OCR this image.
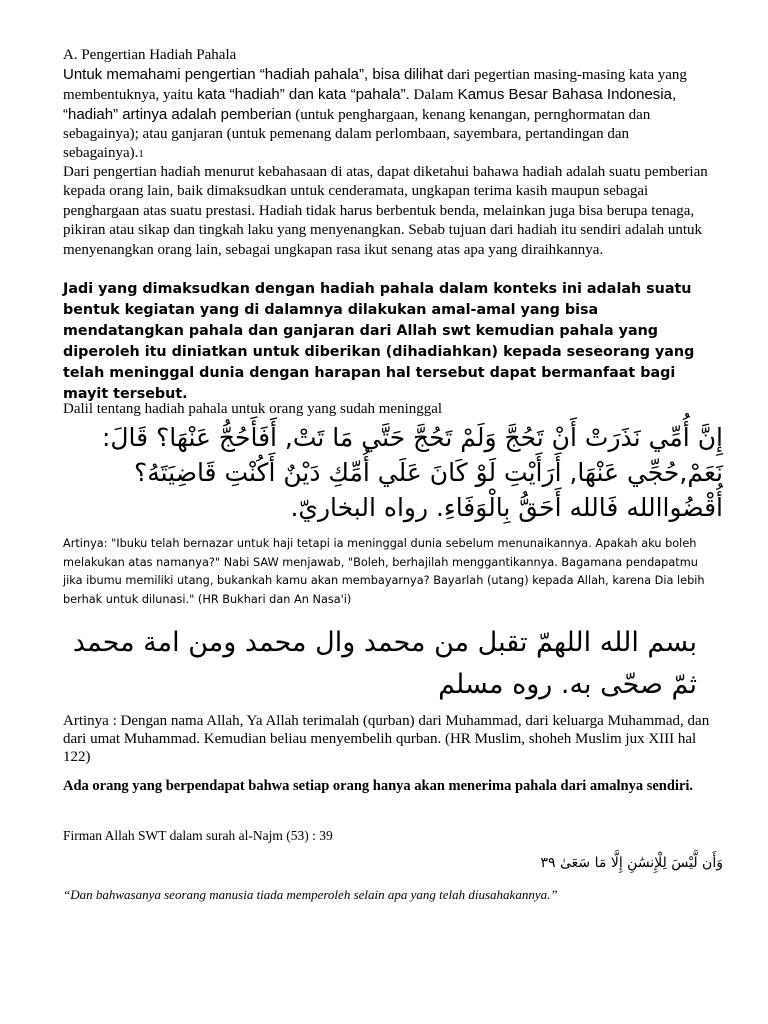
A. Pengertian Hadiah Pahala

Untuk memahami pengertian “hadiah pahala”, bisa dilihat dari pegertian masing-masing kata yang membentuknya, yaitu kata “hadiah” dan kata “pahala”. Dalam Kamus Besar Bahasa Indonesia, “hadiah” artinya adalah pemberian (untuk penghargaan, kenang kenangan, pernghormatan dan sebagainya); atau ganjaran (untuk pemenang dalam perlombaan, sayembara, pertandingan dan sebagainya).1

Dari pengertian hadiah menurut kebahasaan di atas, dapat diketahui bahawa hadiah adalah suatu pemberian kepada orang lain, baik dimaksudkan untuk cenderamata, ungkapan terima kasih maupun sebagai penghargaan atas suatu prestasi. Hadiah tidak harus berbentuk benda, melainkan juga bisa berupa tenaga, pikiran atau sikap dan tingkah laku yang menyenangkan. Sebab tujuan dari hadiah itu sendiri adalah untuk menyenangkan orang lain, sebagai ungkapan rasa ikut senang atas apa yang diraihkannya.

Jadi yang dimaksudkan dengan hadiah pahala dalam konteks ini adalah suatu bentuk kegiatan yang di dalamnya dilakukan amal-amal yang bisa mendatangkan pahala dan ganjaran dari Allah swt kemudian pahala yang diperoleh itu diniatkan untuk diberikan (dihadiahkan) kepada seseorang yang telah meninggal dunia dengan harapan hal tersebut dapat bermanfaat bagi mayit tersebut.

Dalil tentang hadiah pahala untuk orang yang sudah meninggal

إِنَّ أُمِّي نَذَرَتْ أَنْ تَحُجَّ وَلَمْ تَحُجَّ حَتَّي مَا تَتْ, أَفَأَحُجُّ عَنْهَا؟ قَالَ: نَعَمْ,حُجِّي عَنْهَا, أَرَأَيْتِ لَوْ كَانَ عَلَي أُمِّكِ دَيْنٌ أَكُنْتِ قَاضِيَتَهُ؟ أُقْضُواالله فَالله أَحَقُّ بِالْوَفَاءِ. رواه البخاريّ.

Artinya: "Ibuku telah bernazar untuk haji tetapi ia meninggal dunia sebelum menunaikannya. Apakah aku boleh melakukan atas namanya?" Nabi SAW menjawab, "Boleh, berhajilah menggantikannya. Bagamana pendapatmu jika ibumu memiliki utang, bukankah kamu akan membayarnya? Bayarlah (utang) kepada Allah, karena Dia lebih berhak untuk dilunasi." (HR Bukhari dan An Nasa'i)

بسم الله اللهمّ تقبل من محمد وال محمد ومن امة محمد ثمّ صحّى به. روه مسلم

Artinya : Dengan nama Allah, Ya Allah terimalah (qurban) dari Muhammad, dari keluarga Muhammad, dan dari umat Muhammad. Kemudian beliau menyembelih qurban. (HR Muslim, shoheh Muslim jux XIII hal 122)

Ada orang yang berpendapat bahwa setiap orang hanya akan menerima pahala dari amalnya sendiri.

Firman Allah SWT dalam surah al-Najm (53) : 39

وَأَن لَّيْسَ لِلْإِنسَٰنِ إِلَّا مَا سَعَىٰ ٣٩

“Dan bahwasanya seorang manusia tiada memperoleh selain apa yang telah diusahakannya.”
